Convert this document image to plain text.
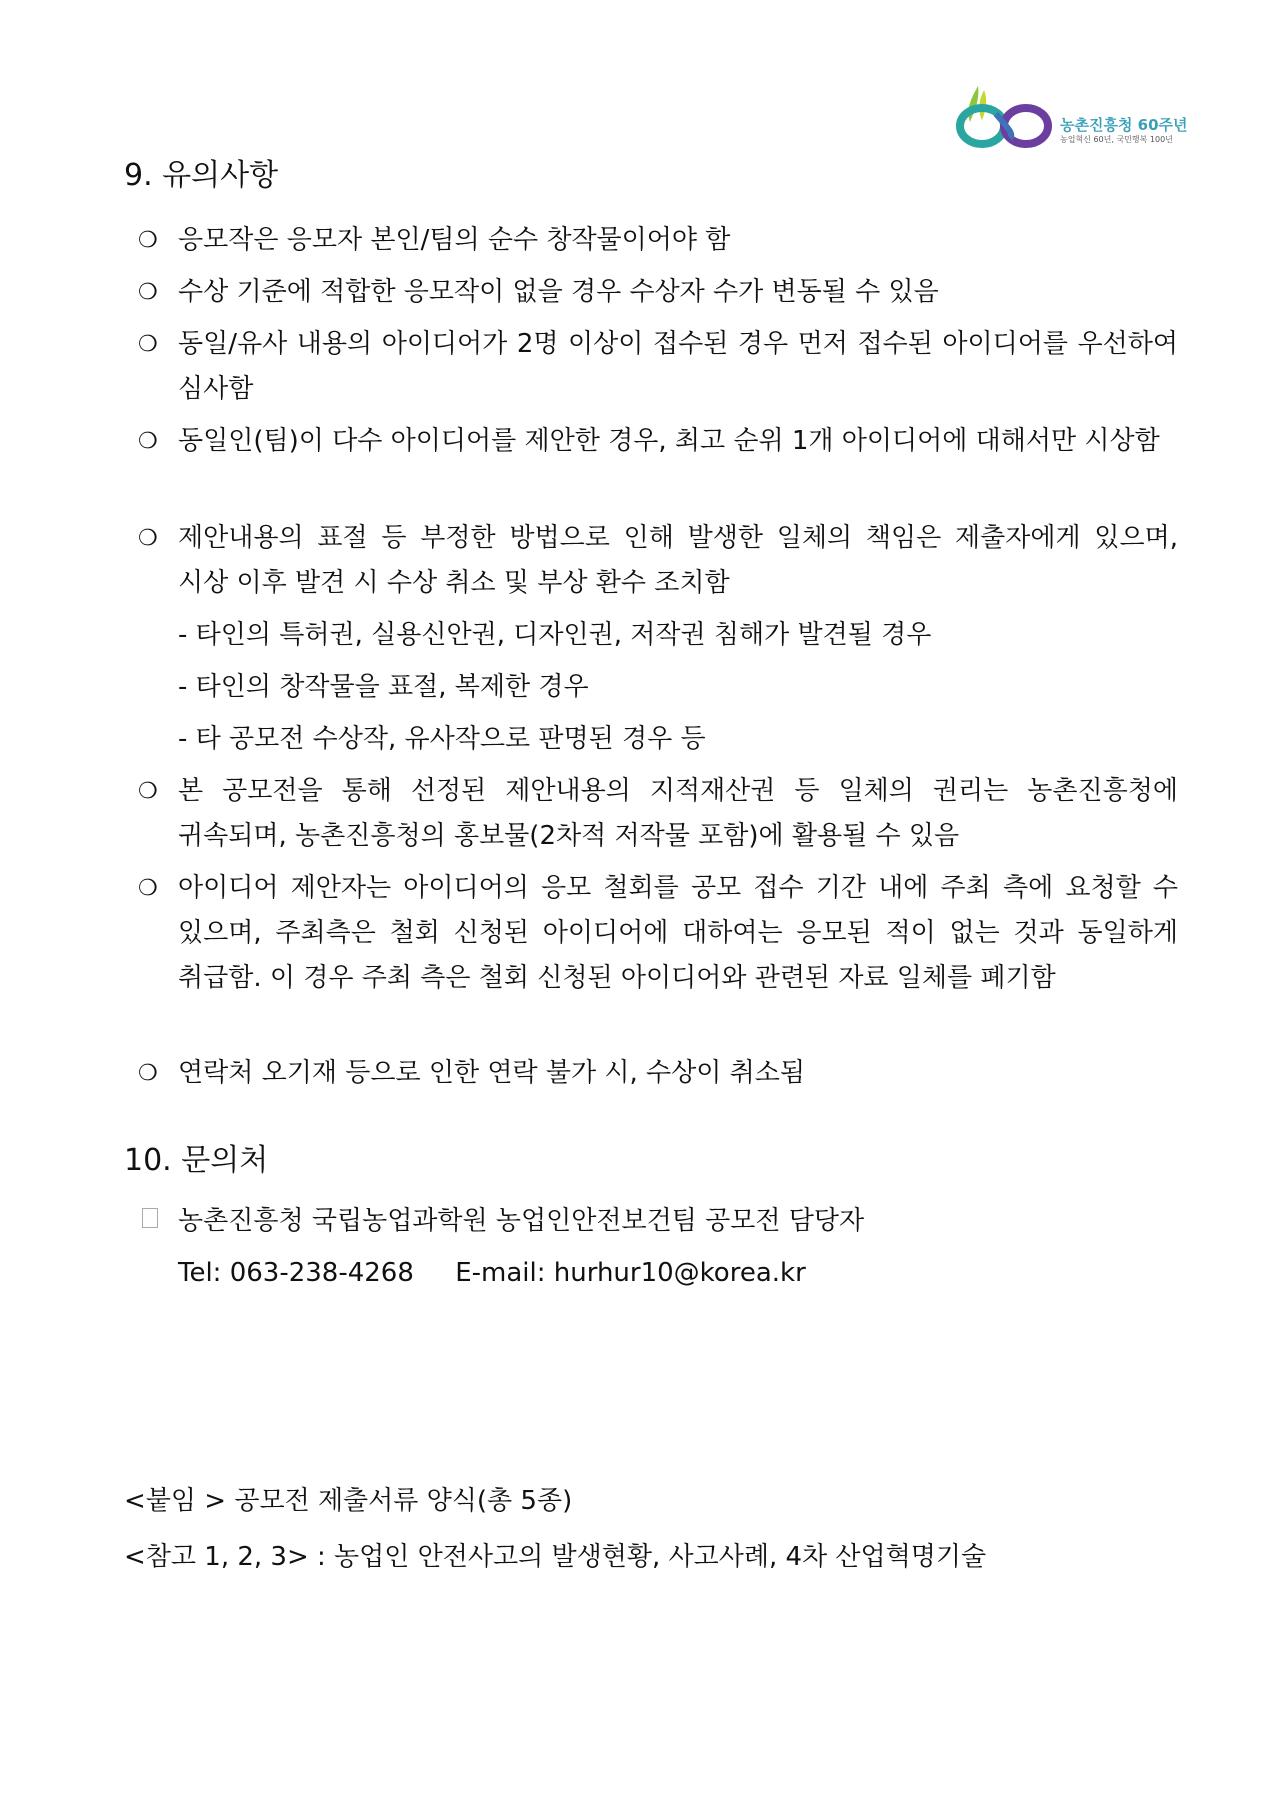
농촌진흥청 60주년
농업혁신 60년, 국민행복 100년
9. 유의사항
❍ 응모작은 응모자 본인/팀의 순수 창작물이어야 함
❍ 수상 기준에 적합한 응모작이 없을 경우 수상자 수가 변동될 수 있음
❍ 동일/유사 내용의 아이디어가 2명 이상이 접수된 경우 먼저 접수된 아이디어를 우선하여 심사함
❍ 동일인(팀)이 다수 아이디어를 제안한 경우, 최고 순위 1개 아이디어에 대해서만 시상함
❍ 제안내용의 표절 등 부정한 방법으로 인해 발생한 일체의 책임은 제출자에게 있으며, 시상 이후 발견 시 수상 취소 및 부상 환수 조치함
- 타인의 특허권, 실용신안권, 디자인권, 저작권 침해가 발견될 경우
- 타인의 창작물을 표절, 복제한 경우
- 타 공모전 수상작, 유사작으로 판명된 경우 등
❍ 본 공모전을 통해 선정된 제안내용의 지적재산권 등 일체의 권리는 농촌진흥청에 귀속되며, 농촌진흥청의 홍보물(2차적 저작물 포함)에 활용될 수 있음
❍ 아이디어 제안자는 아이디어의 응모 철회를 공모 접수 기간 내에 주최 측에 요청할 수 있으며, 주최측은 철회 신청된 아이디어에 대하여는 응모된 적이 없는 것과 동일하게 취급함. 이 경우 주최 측은 철회 신청된 아이디어와 관련된 자료 일체를 폐기함
❍ 연락처 오기재 등으로 인한 연락 불가 시, 수상이 취소됨
10. 문의처
농촌진흥청 국립농업과학원 농업인안전보건팀 공모전 담당자
Tel: 063-238-4268     E-mail: hurhur10@korea.kr
<붙임 > 공모전 제출서류 양식(총 5종)
<참고 1, 2, 3> : 농업인 안전사고의 발생현황, 사고사례, 4차 산업혁명기술
